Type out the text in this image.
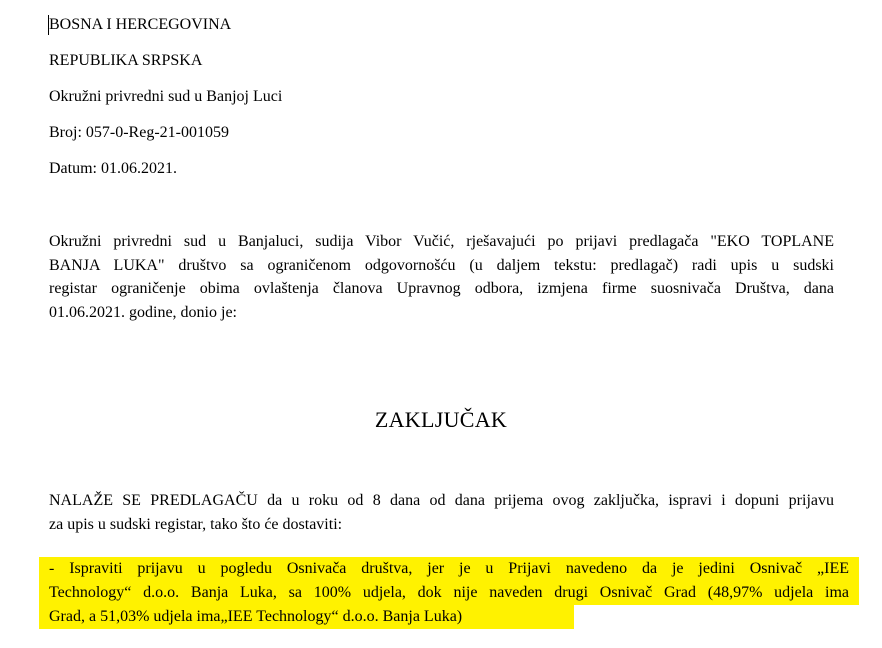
BOSNA I HERCEGOVINA
REPUBLIKA SRPSKA
Okružni privredni sud u Banjoj Luci
Broj: 057-0-Reg-21-001059
Datum: 01.06.2021.
Okružni privredni sud u Banjaluci, sudija Vibor Vučić, rješavajući po prijavi predlagača "EKO TOPLANE
BANJA LUKA" društvo sa ograničenom odgovornošću (u daljem tekstu: predlagač) radi upis u sudski
registar ograničenje obima ovlaštenja članova Upravnog odbora, izmjena firme suosnivača Društva, dana
01.06.2021. godine, donio je:
ZAKLJUČAK
NALAŽE SE PREDLAGAČU da u roku od 8 dana od dana prijema ovog zaključka, ispravi i dopuni prijavu
za upis u sudski registar, tako što će dostaviti:
- Ispraviti prijavu u pogledu Osnivača društva, jer je u Prijavi navedeno da je jedini Osnivač „IEE
Technology“ d.o.o. Banja Luka, sa 100% udjela, dok nije naveden drugi Osnivač Grad (48,97% udjela ima
Grad, a 51,03% udjela ima„IEE Technology“ d.o.o. Banja Luka)
